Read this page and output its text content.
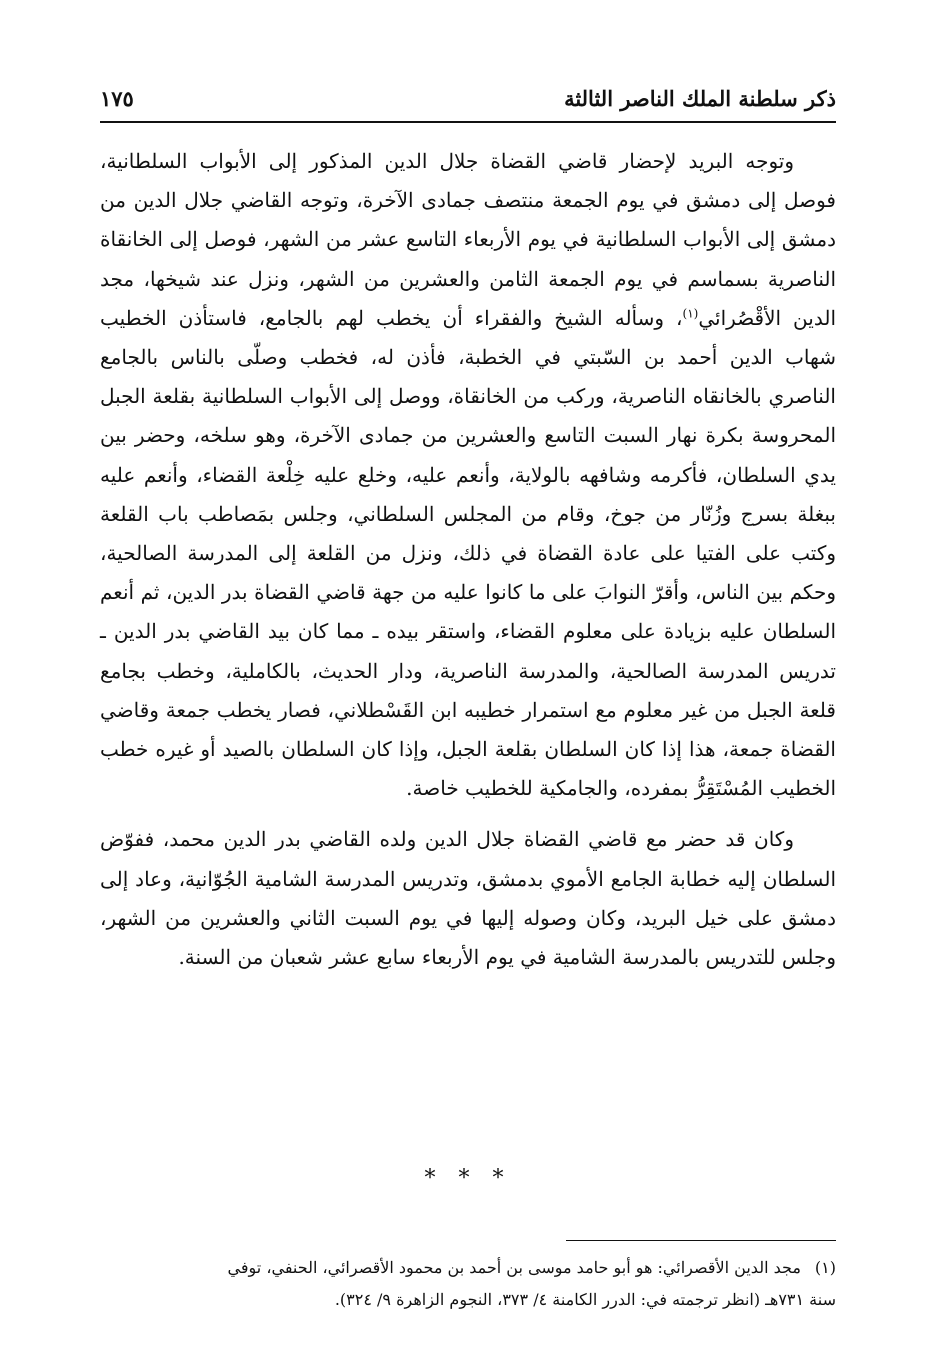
ذكر سلطنة الملك الناصر الثالثة
١٧٥

وتوجه البريد لإحضار قاضي القضاة جلال الدين المذكور إلى الأبواب السلطانية، فوصل إلى دمشق في يوم الجمعة منتصف جمادى الآخرة، وتوجه القاضي جلال الدين من دمشق إلى الأبواب السلطانية في يوم الأربعاء التاسع عشر من الشهر، فوصل إلى الخانقاة الناصرية بسماسم في يوم الجمعة الثامن والعشرين من الشهر، ونزل عند شيخها، مجد الدين الأقْصُرائي$^{(١)}$، وسأله الشيخ والفقراء أن يخطب لهم بالجامع، فاستأذن الخطيب شهاب الدين أحمد بن السّبتي في الخطبة، فأذن له، فخطب وصلّى بالناس بالجامع الناصري بالخانقاه الناصرية، وركب من الخانقاة، ووصل إلى الأبواب السلطانية بقلعة الجبل المحروسة بكرة نهار السبت التاسع والعشرين من جمادى الآخرة، وهو سلخه، وحضر بين يدي السلطان، فأكرمه وشافهه بالولاية، وأنعم عليه، وخلع عليه خِلْعة القضاء، وأنعم عليه ببغلة بسرج وزُنّار من جوخ، وقام من المجلس السلطاني، وجلس بمَصاطب باب القلعة وكتب على الفتيا على عادة القضاة في ذلك، ونزل من القلعة إلى المدرسة الصالحية، وحكم بين الناس، وأقرّ النوابَ على ما كانوا عليه من جهة قاضي القضاة بدر الدين، ثم أنعم السلطان عليه بزيادة على معلوم القضاء، واستقر بيده ـ مما كان بيد القاضي بدر الدين ـ تدريس المدرسة الصالحية، والمدرسة الناصرية، ودار الحديث، بالكاملية، وخطب بجامع قلعة الجبل من غير معلوم مع استمرار خطيبه ابن القَسْطلاني، فصار يخطب جمعة وقاضي القضاة جمعة، هذا إذا كان السلطان بقلعة الجبل، وإذا كان السلطان بالصيد أو غيره خطب الخطيب المُسْتَقِرُّ بمفرده، والجامكية للخطيب خاصة.

وكان قد حضر مع قاضي القضاة جلال الدين ولده القاضي بدر الدين محمد، ففوّض السلطان إليه خطابة الجامع الأموي بدمشق، وتدريس المدرسة الشامية الجُوّانية، وعاد إلى دمشق على خيل البريد، وكان وصوله إليها في يوم السبت الثاني والعشرين من الشهر، وجلس للتدريس بالمدرسة الشامية في يوم الأربعاء سابع عشر شعبان من السنة.

* * *

(١)مجد الدين الأقصرائي: هو أبو حامد موسى بن أحمد بن محمود الأقصرائي، الحنفي، توفي

سنة ٧٣١هـ (انظر ترجمته في: الدرر الكامنة ٤/ ٣٧٣، النجوم الزاهرة ٩/ ٣٢٤).
